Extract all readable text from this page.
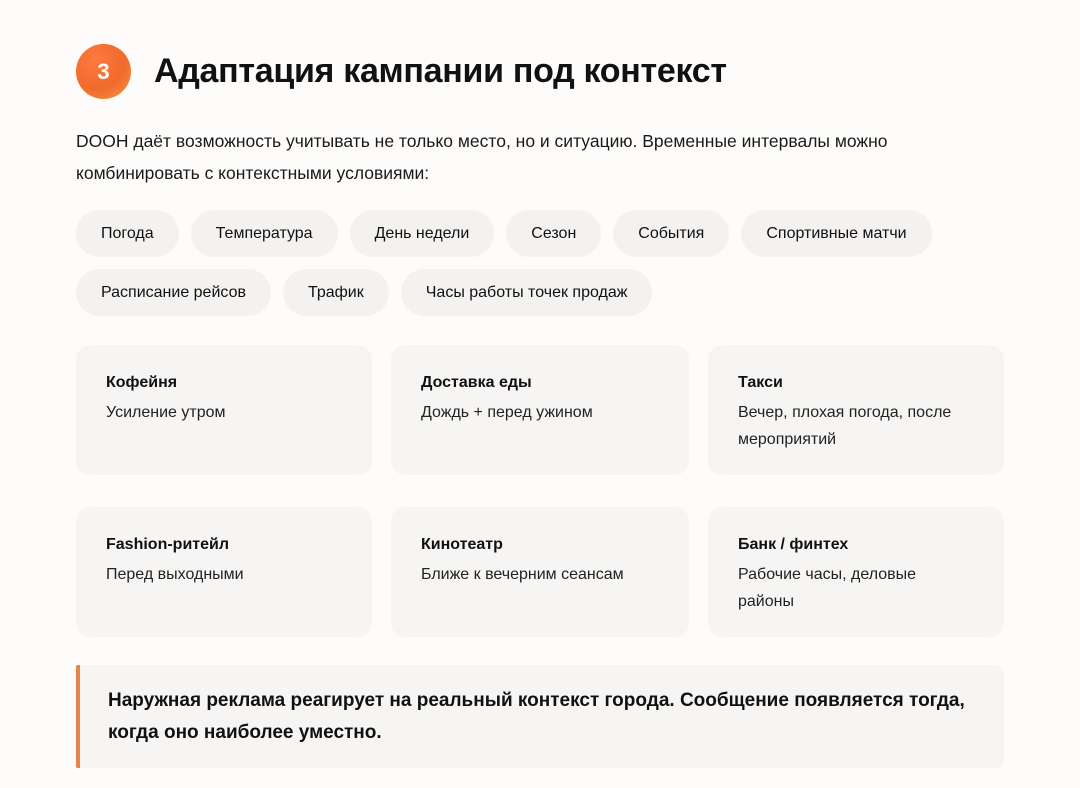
3	Адаптация кампании под контекст

DOOH даёт возможность учитывать не только место, но и ситуацию. Временные интервалы можно комбинировать с контекстными условиями:

Погода	Температура	День недели	Сезон	События	Спортивные матчи
Расписание рейсов	Трафик	Часы работы точек продаж
Кофейня
Усиление утром
Доставка еды
Дождь + перед ужином
Такси
Вечер, плохая погода, после мероприятий
Fashion-ритейл
Перед выходными
Кинотеатр
Ближе к вечерним сеансам
Банк / финтех
Рабочие часы, деловые районы

Наружная реклама реагирует на реальный контекст города. Сообщение появляется тогда, когда оно наиболее уместно.
